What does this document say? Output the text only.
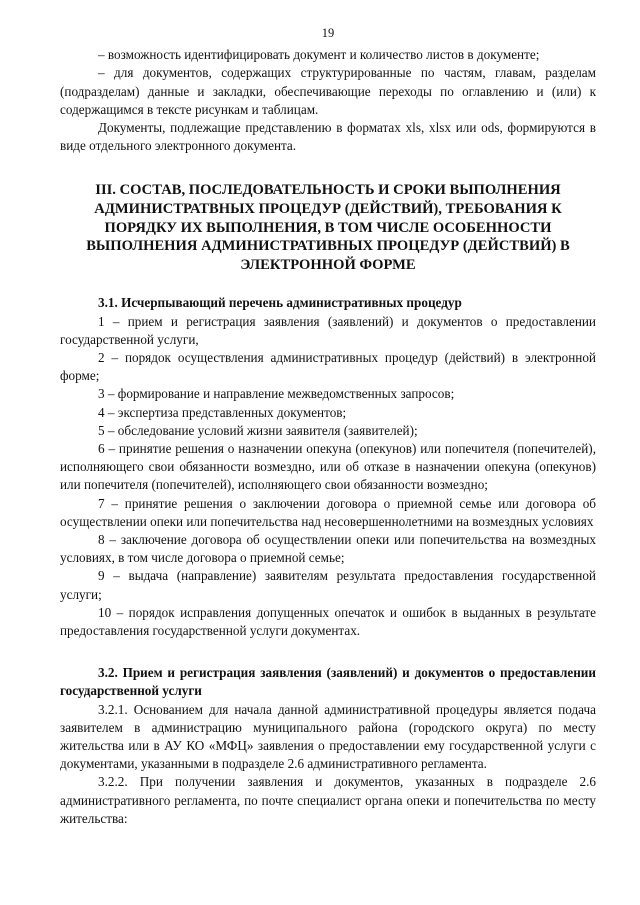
19

– возможность идентифицировать документ и количество листов в документе;

– для документов, содержащих структурированные по частям, главам, разделам (подразделам) данные и закладки, обеспечивающие переходы по оглавлению и (или) к содержащимся в тексте рисункам и таблицам.

Документы, подлежащие представлению в форматах xls, xlsx или ods, формируются в виде отдельного электронного документа.

III. СОСТАВ, ПОСЛЕДОВАТЕЛЬНОСТЬ И СРОКИ ВЫПОЛНЕНИЯ АДМИНИСТРАТВНЫХ ПРОЦЕДУР (ДЕЙСТВИЙ), ТРЕБОВАНИЯ К ПОРЯДКУ ИХ ВЫПОЛНЕНИЯ, В ТОМ ЧИСЛЕ ОСОБЕННОСТИ ВЫПОЛНЕНИЯ АДМИНИСТРАТИВНЫХ ПРОЦЕДУР (ДЕЙСТВИЙ) В ЭЛЕКТРОННОЙ ФОРМЕ

3.1. Исчерпывающий перечень административных процедур

1 – прием и регистрация заявления (заявлений) и документов о предоставлении государственной услуги,

2 – порядок осуществления административных процедур (действий) в электронной форме;

3 – формирование и направление межведомственных запросов;

4 – экспертиза представленных документов;

5 – обследование условий жизни заявителя (заявителей);

6 – принятие решения о назначении опекуна (опекунов) или попечителя (попечителей), исполняющего свои обязанности возмездно, или об отказе в назначении опекуна (опекунов) или попечителя (попечителей), исполняющего свои обязанности возмездно;

7 – принятие решения о заключении договора о приемной семье или договора об осуществлении опеки или попечительства над несовершеннолетними на возмездных условиях

8 – заключение договора об осуществлении опеки или попечительства на возмездных условиях, в том числе договора о приемной семье;

9 – выдача (направление) заявителям результата предоставления государственной услуги;

10 – порядок исправления допущенных опечаток и ошибок в выданных в результате предоставления государственной услуги документах.

3.2. Прием и регистрация заявления (заявлений) и документов о предоставлении государственной услуги

3.2.1. Основанием для начала данной административной процедуры является подача заявителем в администрацию муниципального района (городского округа) по месту жительства или в АУ КО «МФЦ» заявления о предоставлении ему государственной услуги с документами, указанными в подразделе 2.6 административного регламента.

3.2.2. При получении заявления и документов, указанных в подразделе 2.6 административного регламента, по почте специалист органа опеки и попечительства по месту жительства:
